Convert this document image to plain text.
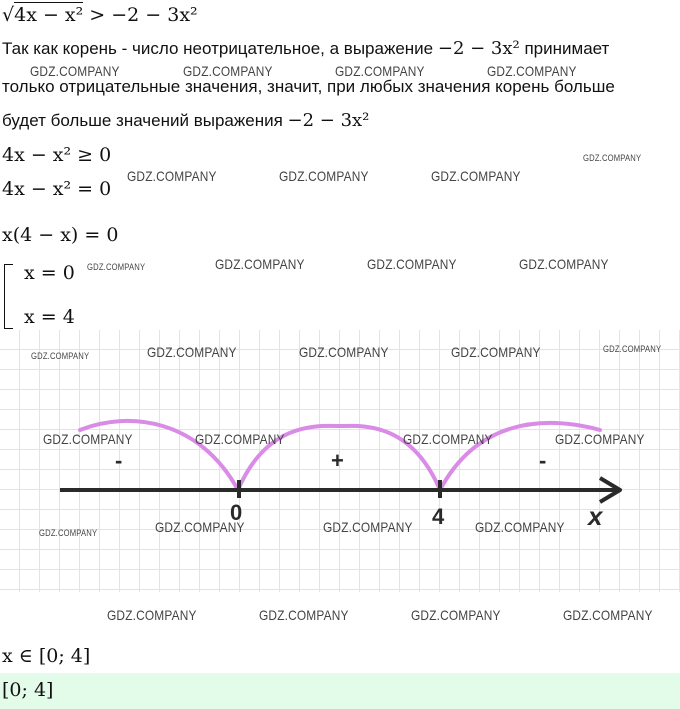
√4x − x² > −2 − 3x²
Так как корень - число неотрицательное, а выражение −2 − 3x² принимает
только отрицательные значения, значит, при любых значения корень больше
будет больше значений выражения −2 − 3x²
4x − x² ≥ 0
4x − x² = 0
x(4 − x) = 0
x = 0
x = 4
0	4	x
-	+	-
x ∈ [0; 4]
[0; 4]
GDZ.COMPANY	GDZ.COMPANY	GDZ.COMPANY	GDZ.COMPANY
GDZ.COMPANY
GDZ.COMPANY	GDZ.COMPANY	GDZ.COMPANY
GDZ.COMPANY	GDZ.COMPANY	GDZ.COMPANY	GDZ.COMPANY
GDZ.COMPANY	GDZ.COMPANY	GDZ.COMPANY	GDZ.COMPANY	GDZ.COMPANY
GDZ.COMPANY	GDZ.COMPANY	GDZ.COMPANY	GDZ.COMPANY
GDZ.COMPANY	GDZ.COMPANY	GDZ.COMPANY	GDZ.COMPANY
GDZ.COMPANY	GDZ.COMPANY	GDZ.COMPANY	GDZ.COMPANY
